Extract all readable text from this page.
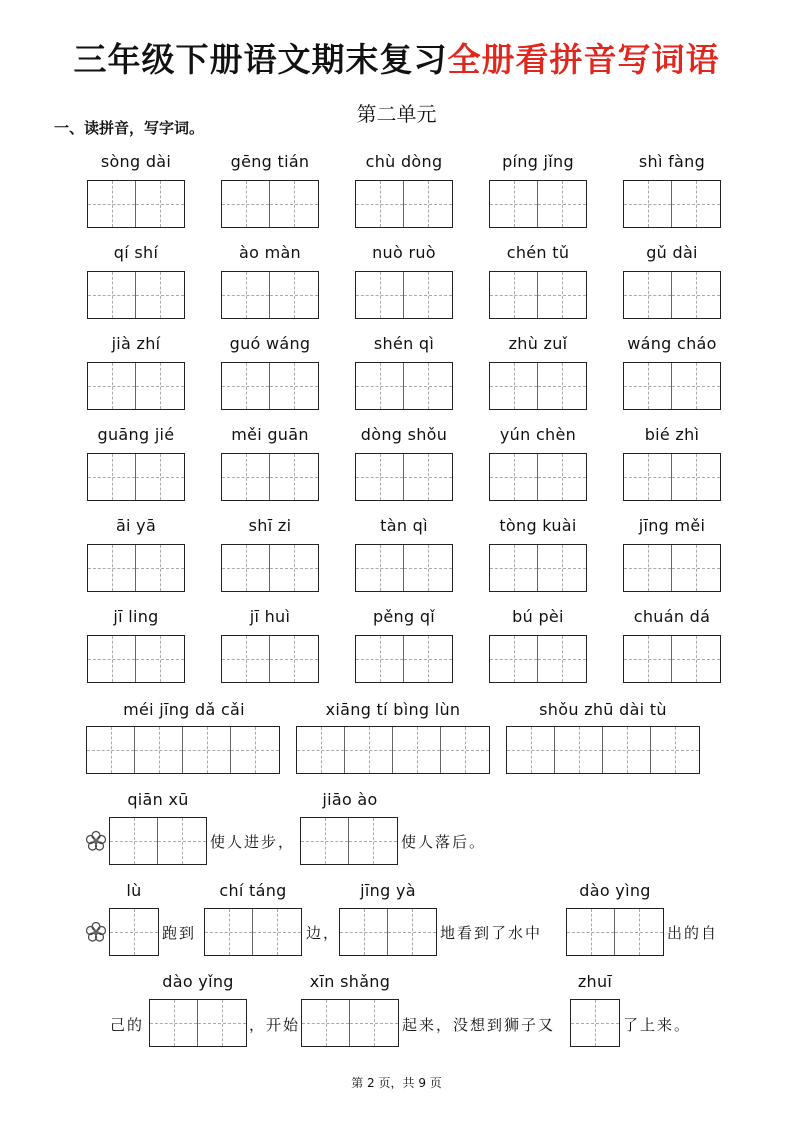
三年级下册语文期末复习全册看拼音写词语
第二单元
一、读拼音，写字词。
sòng dài	gēng tián	chù dòng	píng jǐng	shì fàng
qí shí	ào màn	nuò ruò	chén tǔ	gǔ dài
jià zhí	guó wáng	shén qì	zhù zuǐ	wáng cháo
guāng jié	měi guān	dòng shǒu	yún chèn	bié zhì
āi yā	shī zi	tàn qì	tòng kuài	jīng měi
jī ling	jī huì	pěng qǐ	bú pèi	chuán dá
méi jīng dǎ cǎi	xiāng tí bìng lùn	shǒu zhū dài tù
qiān xū
使人进步，
jiāo ào
使人落后。
lù
跑到
chí táng
边，
jīng yà
地看到了水中
dào yìng
出的自
己的
dào yǐng
，开始
xīn shǎng
起来，没想到狮子又
zhuī
了上来。
第 2 页，共 9 页
